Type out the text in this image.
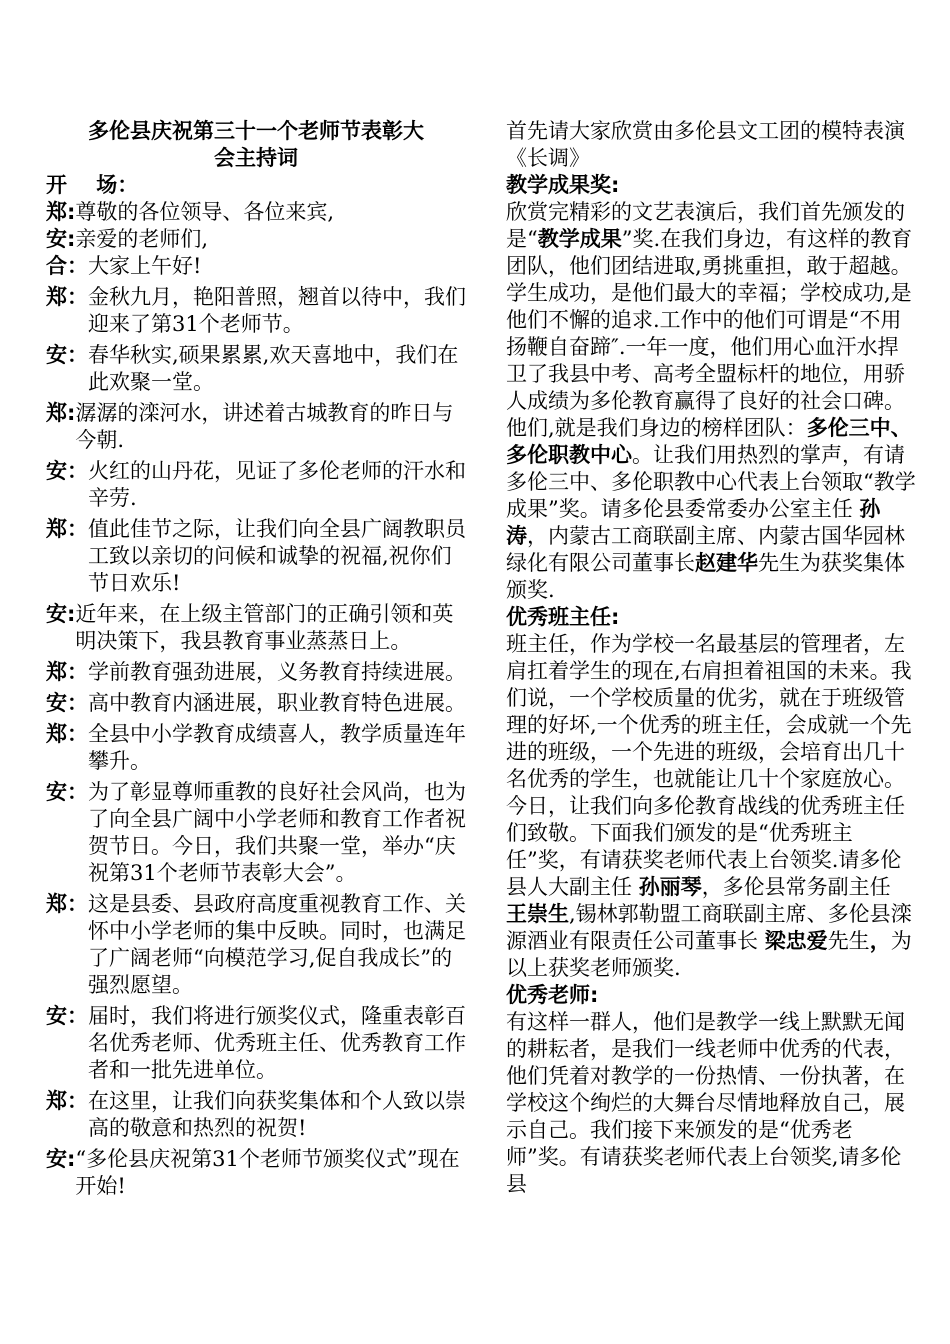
多伦县庆祝第三十一个老师节表彰大
会主持词
开    场：
郑: 尊敬的各位领导、各位来宾,
安: 亲爱的老师们,
合： 大家上午好!
郑： 金秋九月，艳阳普照，翘首以待中，我们迎来了第31个老师节。
安： 春华秋实,硕果累累,欢天喜地中，我们在此欢聚一堂。
郑: 潺潺的滦河水，讲述着古城教育的昨日与今朝.
安： 火红的山丹花，见证了多伦老师的汗水和辛劳.
郑： 值此佳节之际，让我们向全县广阔教职员工致以亲切的问候和诚挚的祝福,祝你们节日欢乐!
安: 近年来，在上级主管部门的正确引领和英明决策下，我县教育事业蒸蒸日上。
郑： 学前教育强劲进展，义务教育持续进展。
安： 高中教育内涵进展，职业教育特色进展。
郑： 全县中小学教育成绩喜人，教学质量连年攀升。
安： 为了彰显尊师重教的良好社会风尚，也为了向全县广阔中小学老师和教育工作者祝贺节日。今日，我们共聚一堂，举办“庆祝第31个老师节表彰大会”。
郑： 这是县委、县政府高度重视教育工作、关怀中小学老师的集中反映。同时，也满足了广阔老师“向模范学习,促自我成长”的强烈愿望。
安： 届时，我们将进行颁奖仪式，隆重表彰百名优秀老师、优秀班主任、优秀教育工作者和一批先进单位。
郑： 在这里，让我们向获奖集体和个人致以崇高的敬意和热烈的祝贺!
安: “多伦县庆祝第31个老师节颁奖仪式”现在开始!

首先请大家欣赏由多伦县文工团的模特表演《长调》

教学成果奖:

欣赏完精彩的文艺表演后，我们首先颁发的是“教学成果”奖.在我们身边，有这样的教育团队，他们团结进取,勇挑重担，敢于超越。学生成功，是他们最大的幸福；学校成功,是他们不懈的追求.工作中的他们可谓是“不用扬鞭自奋蹄″.一年一度，他们用心血汗水捍卫了我县中考、高考全盟标杆的地位，用骄人成绩为多伦教育赢得了良好的社会口碑。他们,就是我们身边的榜样团队：多伦三中、多伦职教中心。让我们用热烈的掌声，有请多伦三中、多伦职教中心代表上台领取“教学成果”奖。请多伦县委常委办公室主任 孙涛，内蒙古工商联副主席、内蒙古国华园林绿化有限公司董事长赵建华先生为获奖集体颁奖.

优秀班主任:

班主任，作为学校一名最基层的管理者，左肩扛着学生的现在,右肩担着祖国的未来。我们说，一个学校质量的优劣，就在于班级管理的好坏,一个优秀的班主任，会成就一个先进的班级，一个先进的班级，会培育出几十名优秀的学生，也就能让几十个家庭放心。今日，让我们向多伦教育战线的优秀班主任们致敬。下面我们颁发的是“优秀班主任”奖，有请获奖老师代表上台领奖.请多伦县人大副主任 孙丽琴，多伦县常务副主任 王崇生,锡林郭勒盟工商联副主席、多伦县滦源酒业有限责任公司董事长 梁忠爱先生，为以上获奖老师颁奖.

优秀老师:

有这样一群人，他们是教学一线上默默无闻的耕耘者，是我们一线老师中优秀的代表，他们凭着对教学的一份热情、一份执著，在学校这个绚烂的大舞台尽情地释放自己，展示自己。我们接下来颁发的是“优秀老师”奖。有请获奖老师代表上台领奖,请多伦县
